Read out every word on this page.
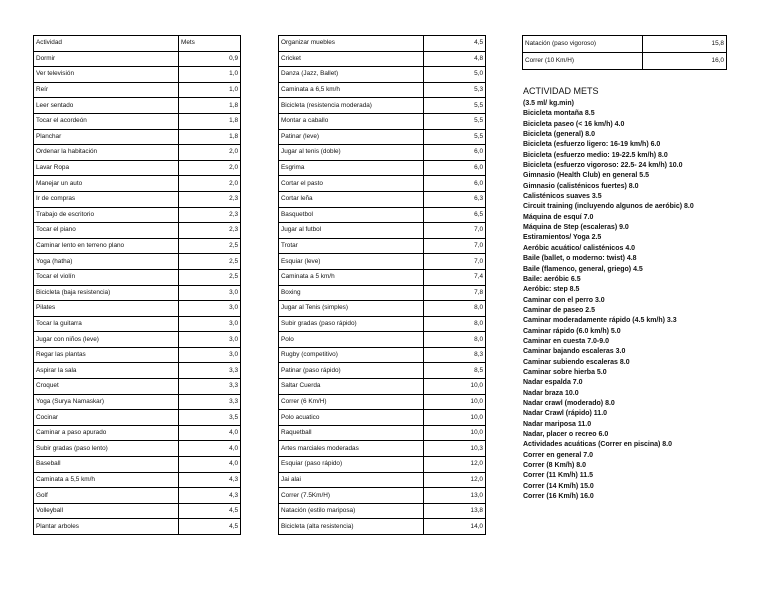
Actividad	Mets
Dormir	0,9
Ver televisión	1,0
Reír	1,0
Leer sentado	1,8
Tocar el acordeón	1,8
Planchar	1,8
Ordenar la habitación	2,0
Lavar Ropa	2,0
Manejar un auto	2,0
Ir de compras	2,3
Trabajo de escritorio	2,3
Tocar el piano	2,3
Caminar lento en terreno plano	2,5
Yoga (hatha)	2,5
Tocar el violín	2,5
Bicicleta (baja resistencia)	3,0
Pilates	3,0
Tocar la guitarra	3,0
Jugar con niños (leve)	3,0
Regar las plantas	3,0
Aspirar la sala	3,3
Croquet	3,3
Yoga (Surya Namaskar)	3,3
Cocinar	3,5
Caminar a paso apurado	4,0
Subir gradas (paso lento)	4,0
Baseball	4,0
Caminata a 5,5 km/h	4,3
Golf	4,3
Volleyball	4,5
Plantar arboles	4,5
Organizar muebles	4,5
Cricket	4,8
Danza (Jazz, Ballet)	5,0
Caminata a 6,5 km/h	5,3
Bicicleta (resistencia moderada)	5,5
Montar a caballo	5,5
Patinar (leve)	5,5
Jugar al tenis (doble)	6,0
Esgrima	6,0
Cortar el pasto	6,0
Cortar leña	6,3
Basquetbol	6,5
Jugar al futbol	7,0
Trotar	7,0
Esquiar (leve)	7,0
Caminata a 5 km/h	7,4
Boxing	7,8
Jugar al Tenis (simples)	8,0
Subir gradas (paso rápido)	8,0
Polo	8,0
Rugby (competitivo)	8,3
Patinar (paso rápido)	8,5
Saltar Cuerda	10,0
Correr (6 Km/H)	10,0
Polo acuatico	10,0
Raquetball	10,0
Artes marciales moderadas	10,3
Esquiar (paso rápido)	12,0
Jai alai	12,0
Correr (7.5Km/H)	13,0
Natación (estilo mariposa)	13,8
Bicicleta (alta resistencia)	14,0
Natación (paso vigoroso)	15,8
Correr (10 Km/H)	16,0
ACTIVIDAD METS
(3.5 ml/ kg.min)
Bicicleta montaña 8.5
Bicicleta paseo (< 16 km/h) 4.0
Bicicleta (general) 8.0
Bicicleta (esfuerzo ligero: 16-19 km/h) 6.0
Bicicleta (esfuerzo medio: 19-22.5 km/h) 8.0
Bicicleta (esfuerzo vigoroso: 22.5- 24 km/h) 10.0
Gimnasio (Health Club) en general 5.5
Gimnasio (calisténicos fuertes) 8.0
Calisténicos suaves 3.5
Circuit training (incluyendo algunos de aeróbic) 8.0
Máquina de esquí 7.0
Máquina de Step (escaleras) 9.0
Estiramientos/ Yoga 2.5
Aeróbic acuático/ calisténicos 4.0
Baile (ballet, o moderno: twist) 4.8
Baile (flamenco, general, griego) 4.5
Baile: aeróbic 6.5
Aeróbic: step 8.5
Caminar con el perro 3.0
Caminar de paseo 2.5
Caminar moderadamente rápido (4.5 km/h) 3.3
Caminar rápido (6.0 km/h) 5.0
Caminar en cuesta 7.0-9.0
Caminar bajando escaleras 3.0
Caminar subiendo escaleras 8.0
Caminar sobre hierba 5.0
Nadar espalda 7.0
Nadar braza 10.0
Nadar crawl (moderado) 8.0
Nadar Crawl (rápido) 11.0
Nadar mariposa 11.0
Nadar, placer o recreo 6.0
Actividades acuáticas (Correr en piscina) 8.0
Correr en general 7.0
Correr (8 Km/h) 8.0
Correr (11 Km/h) 11.5
Correr (14 Km/h) 15.0
Correr (16 Km/h) 16.0
